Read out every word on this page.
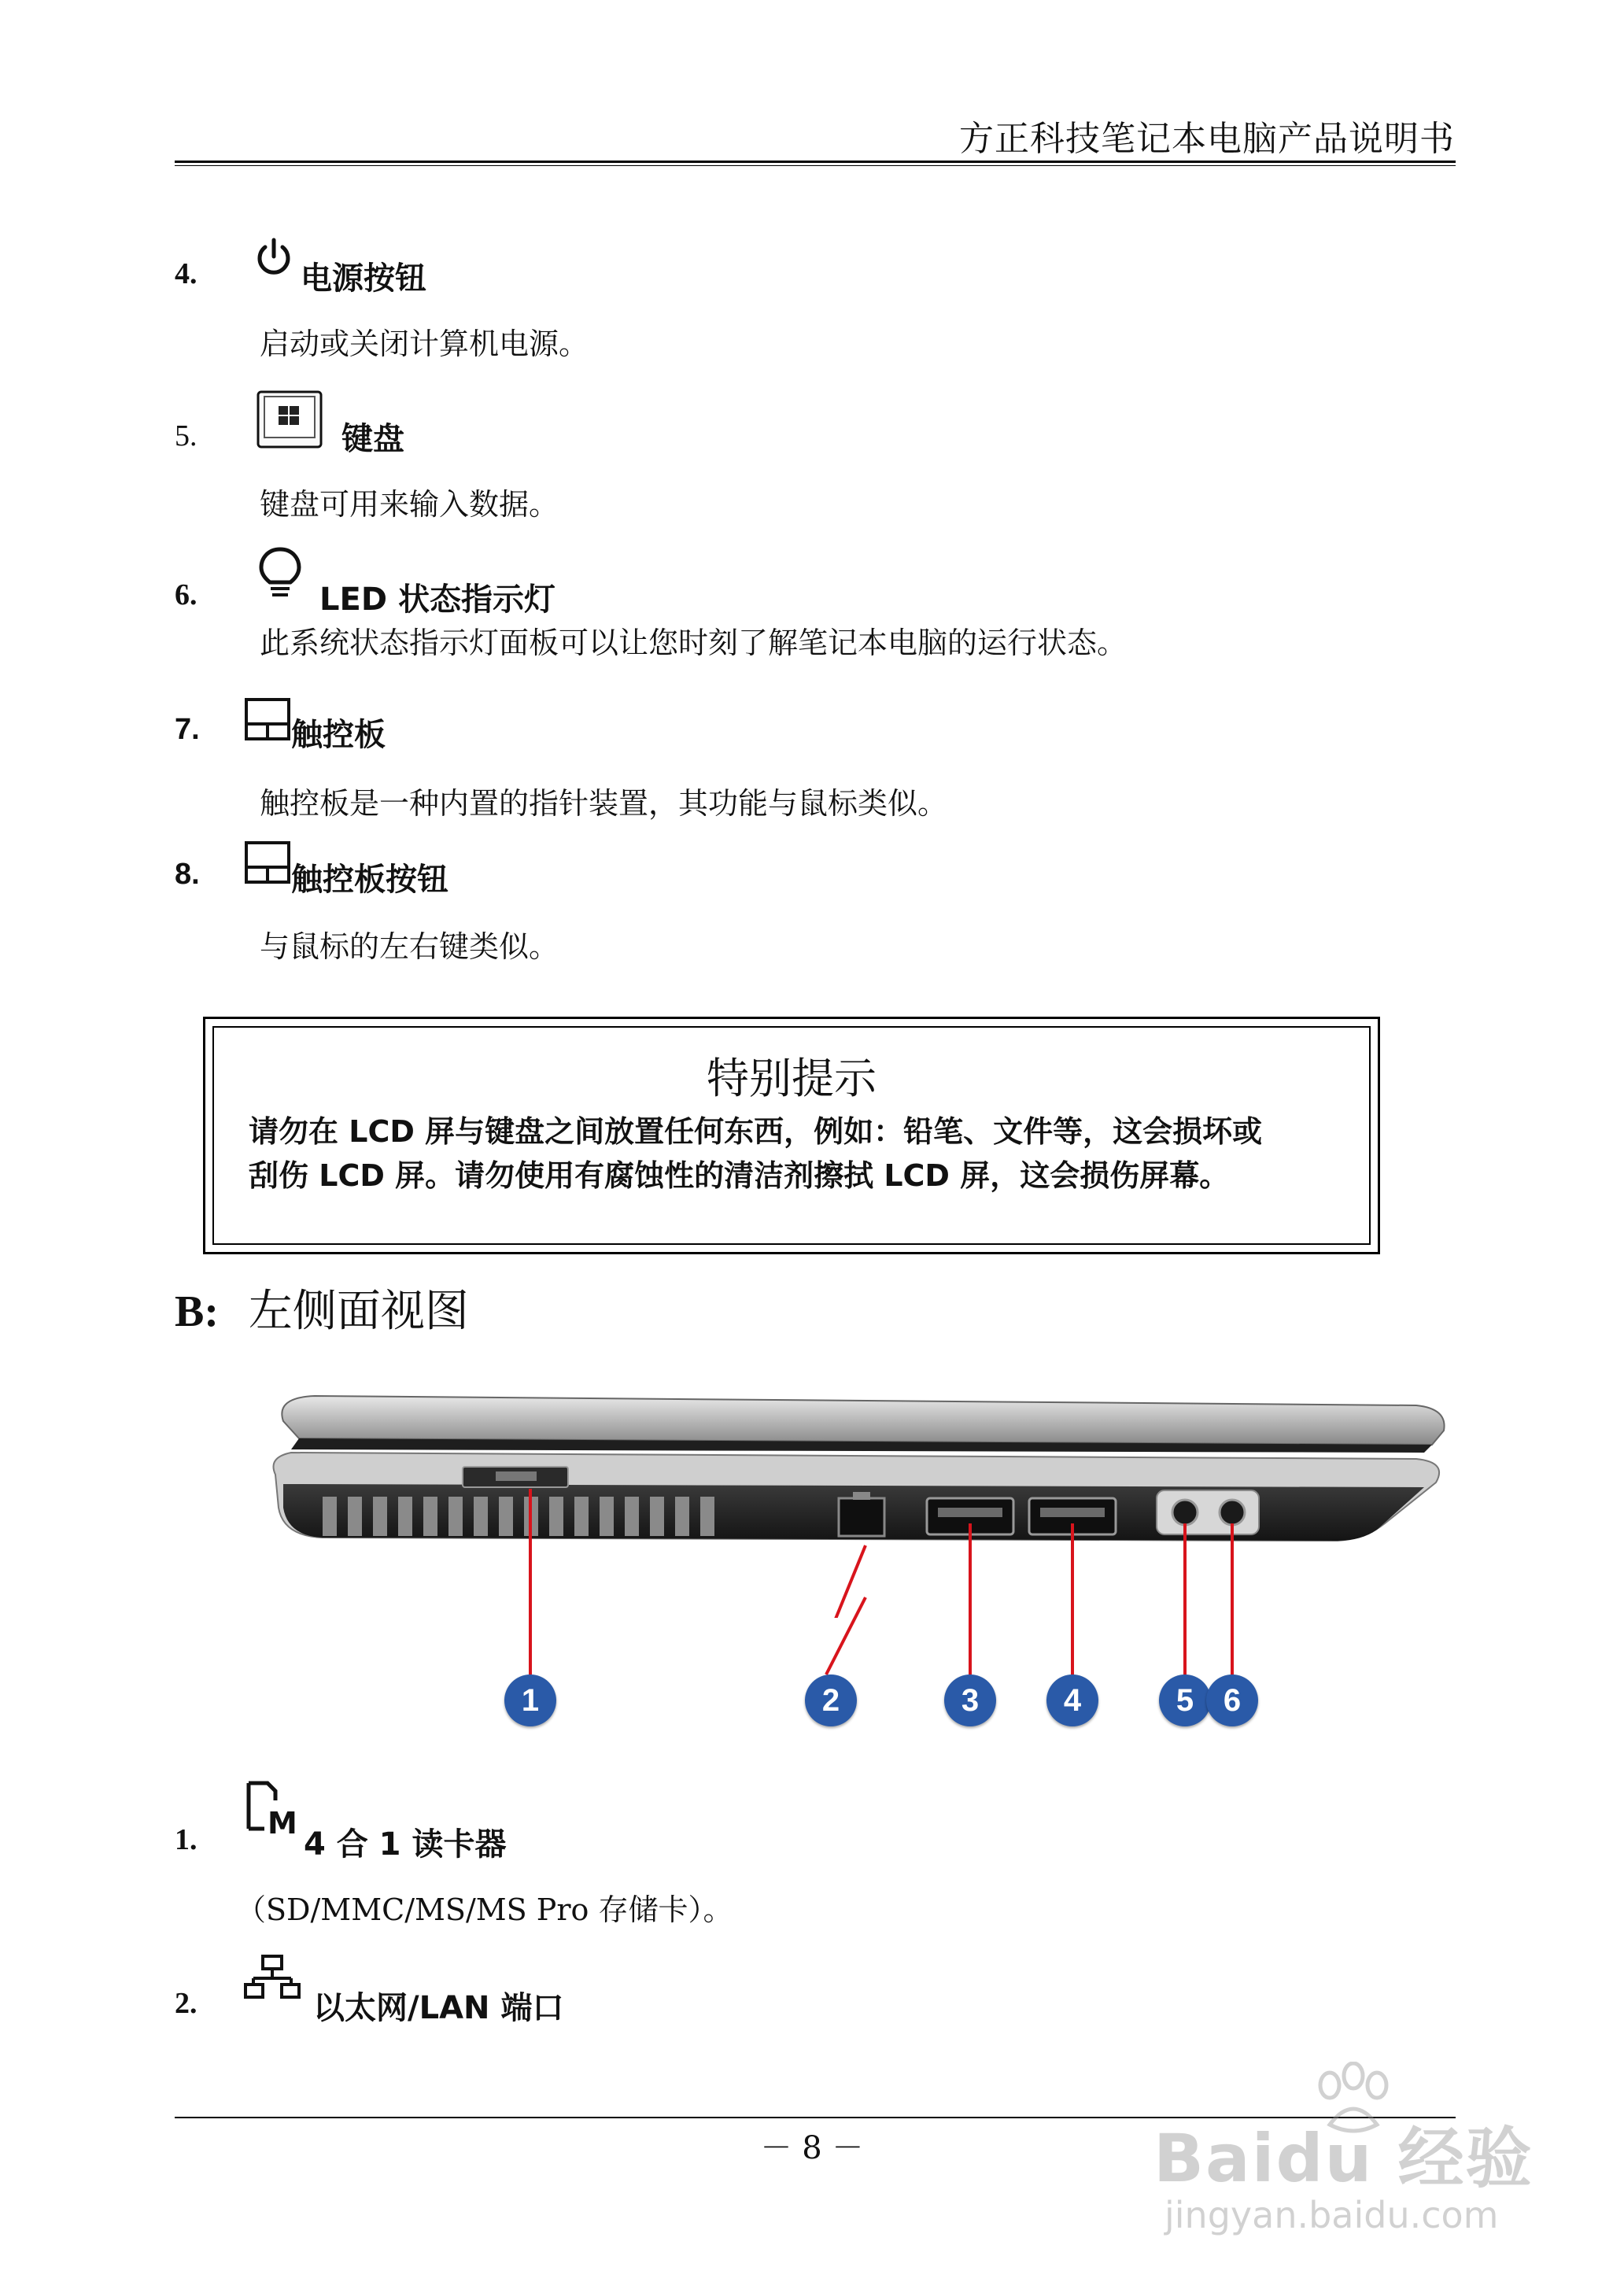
方正科技笔记本电脑产品说明书
4.	电源按钮
启动或关闭计算机电源。
5.	键盘
键盘可用来输入数据。
6.	LED 状态指示灯
此系统状态指示灯面板可以让您时刻了解笔记本电脑的运行状态。
7.	触控板
触控板是一种内置的指针装置，其功能与鼠标类似。
8.	触控板按钮
与鼠标的左右键类似。
特别提示
请勿在 LCD 屏与键盘之间放置任何东西，例如：铅笔、文件等，这会损坏或
刮伤 LCD 屏。请勿使用有腐蚀性的清洁剂擦拭 LCD 屏，这会损伤屏幕。
B: 左侧面视图
1	2	3	4	5 6
1. M
4 合 1 读卡器
（SD/MMC/MS/MS Pro 存储卡）。
2.	以太网/LAN 端口
－ 8 －	Baidu 经验
jingyan.baidu.com
